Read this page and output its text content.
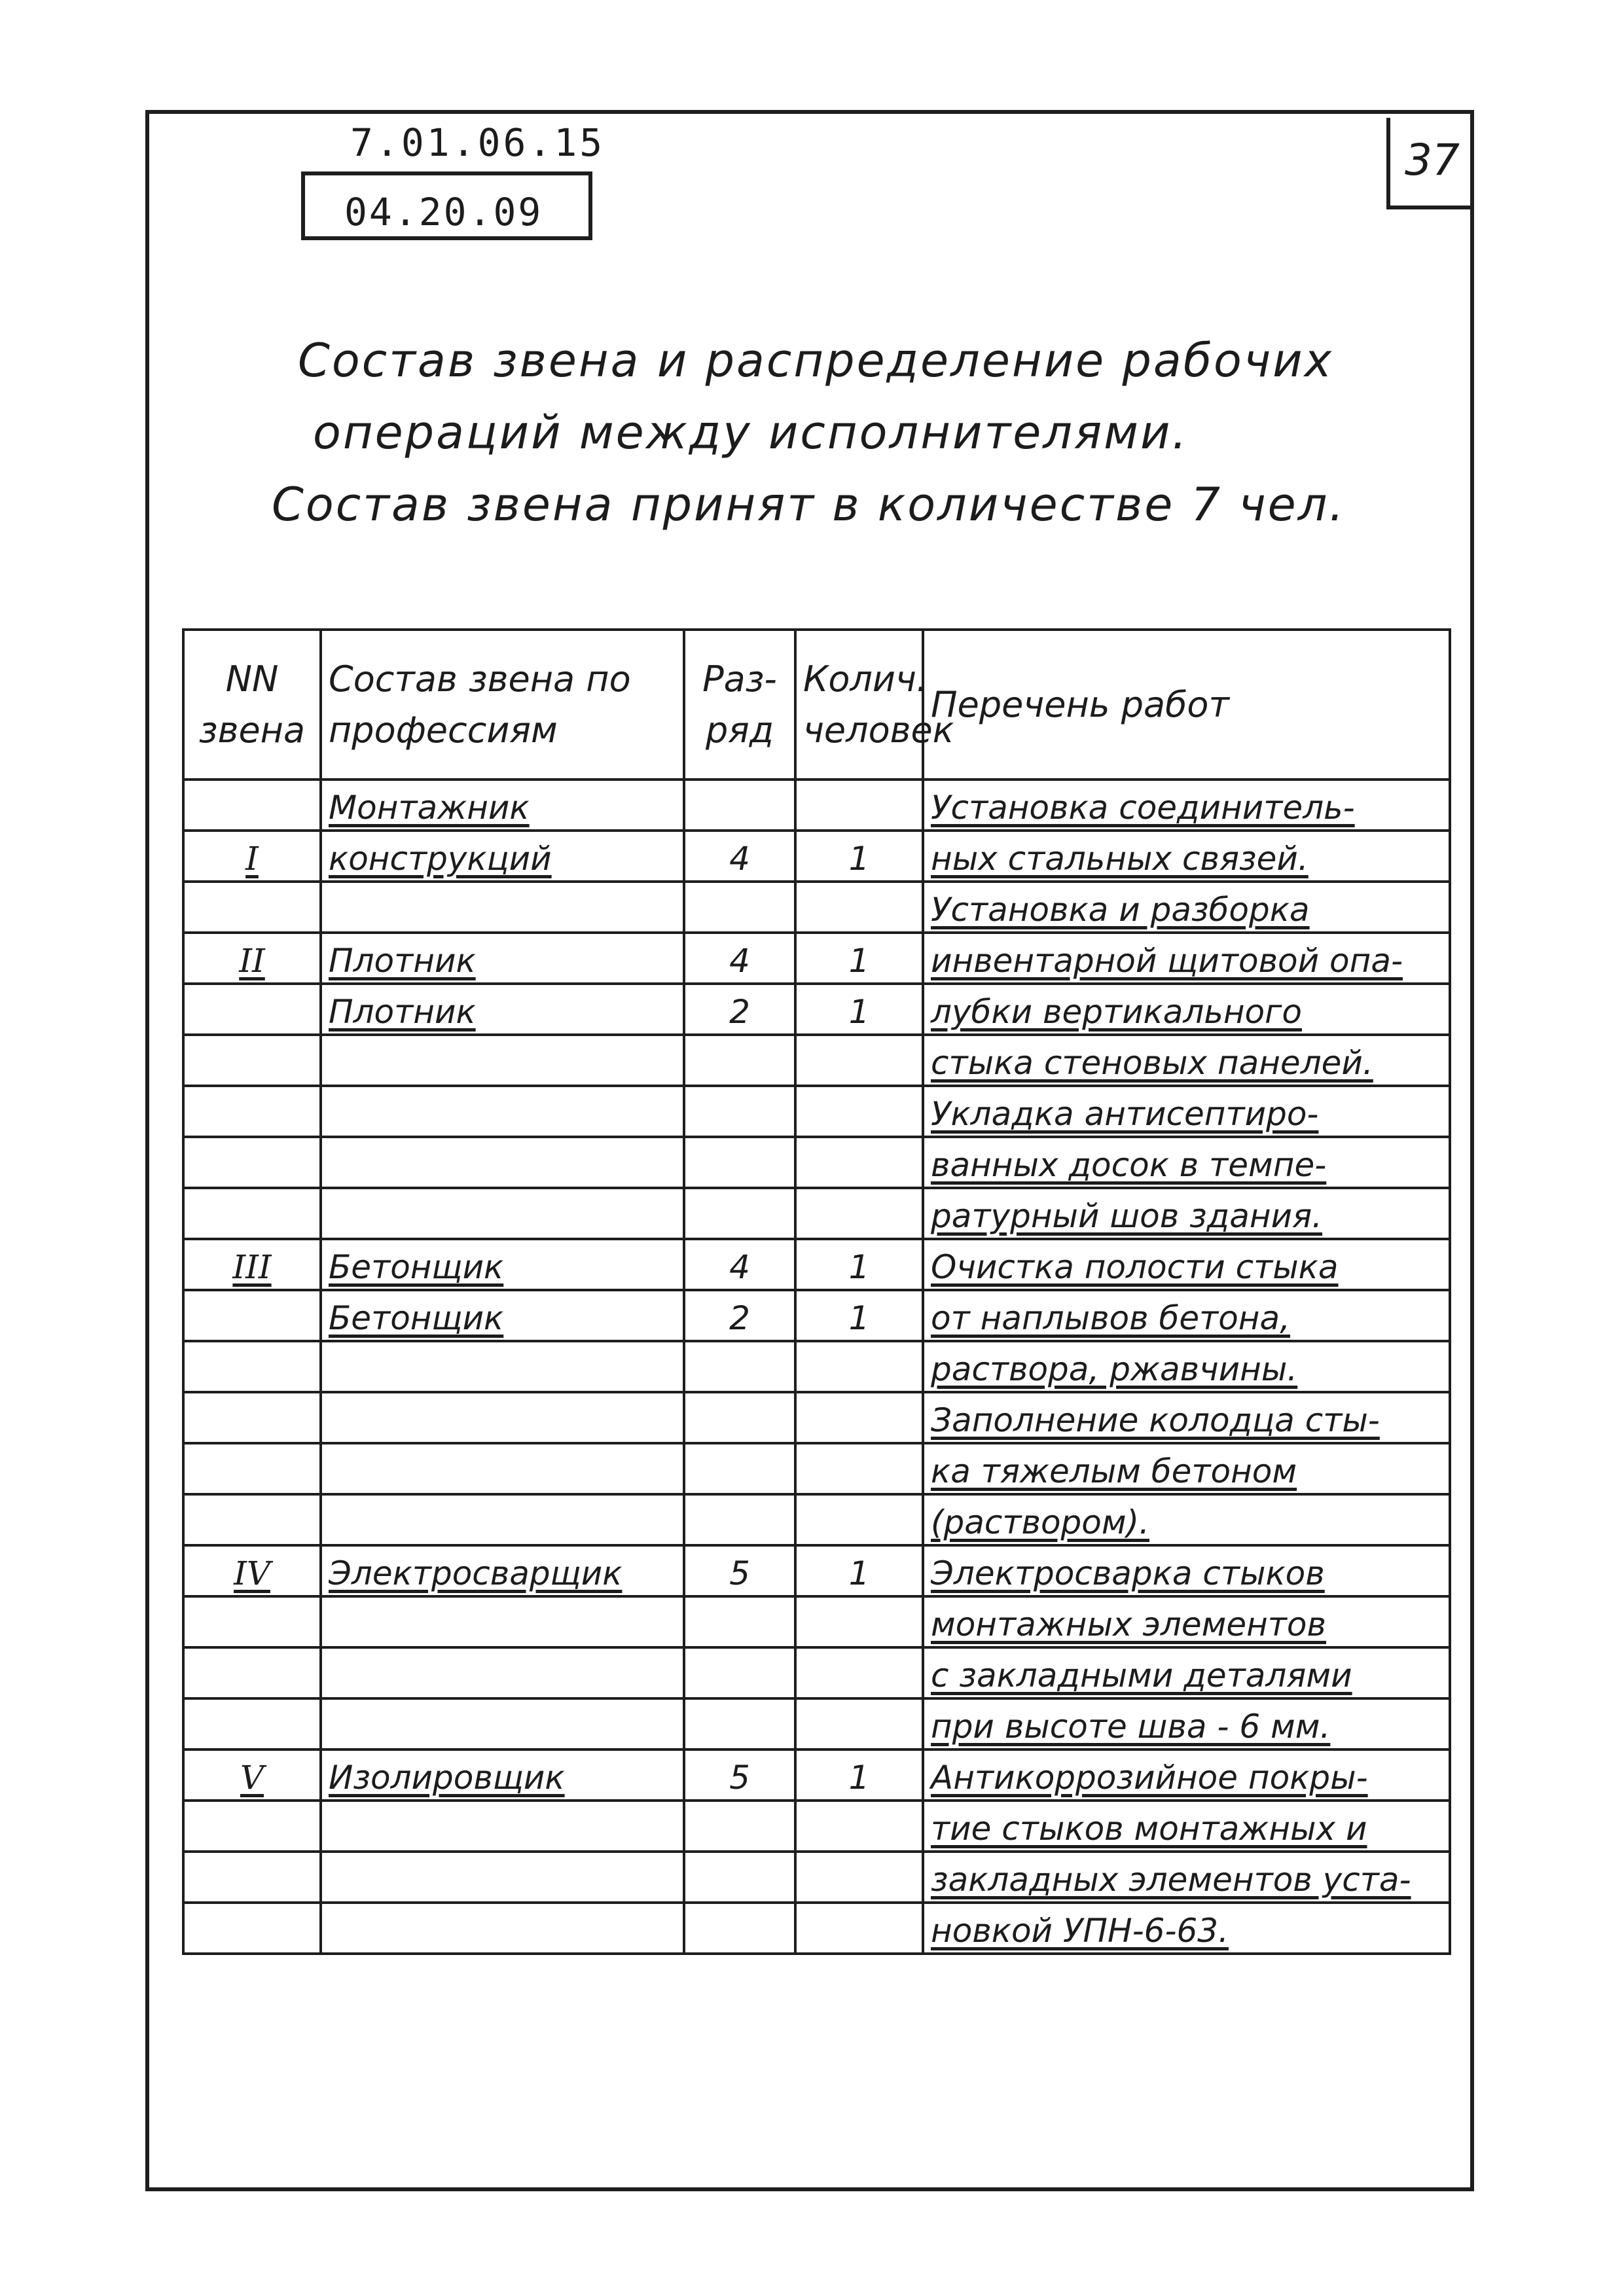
7.01.06.15
04.20.09
37
Состав звена и распределение рабочих
операций между исполнителями.
Состав звена принят в количестве 7 чел.
NN звена	Состав звена по профессиям	Раз-ряд	Колич. человек	Перечень работ
	Монтажник			Установка соединитель-
I	конструкций	4	1	ных стальных связей.
				Установка и разборка
II	Плотник	4	1	инвентарной щитовой опа-
	Плотник	2	1	лубки вертикального
				стыка стеновых панелей.
				Укладка антисептиро-
				ванных досок в темпе-
				ратурный шов здания.
III	Бетонщик	4	1	Очистка полости стыка
	Бетонщик	2	1	от наплывов бетона,
				раствора, ржавчины.
				Заполнение колодца сты-
				ка тяжелым бетоном
				(раствором).
IV	Электросварщик	5	1	Электросварка стыков
				монтажных элементов
				с закладными деталями
				при высоте шва - 6 мм.
V	Изолировщик	5	1	Антикоррозийное покры-
				тие стыков монтажных и
				закладных элементов уста-
				новкой УПН-6-63.
